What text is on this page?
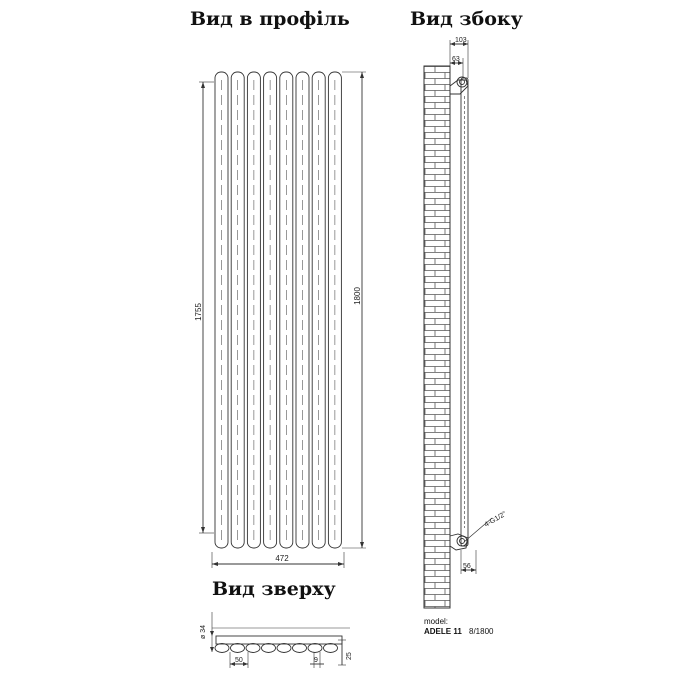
Вид в профіль	Вид збоку
Вид зверху
1755
1800
472
103
63
4-G1/2"
56
model:
ADELE 11 8/1800
ø 34
50	9
25
